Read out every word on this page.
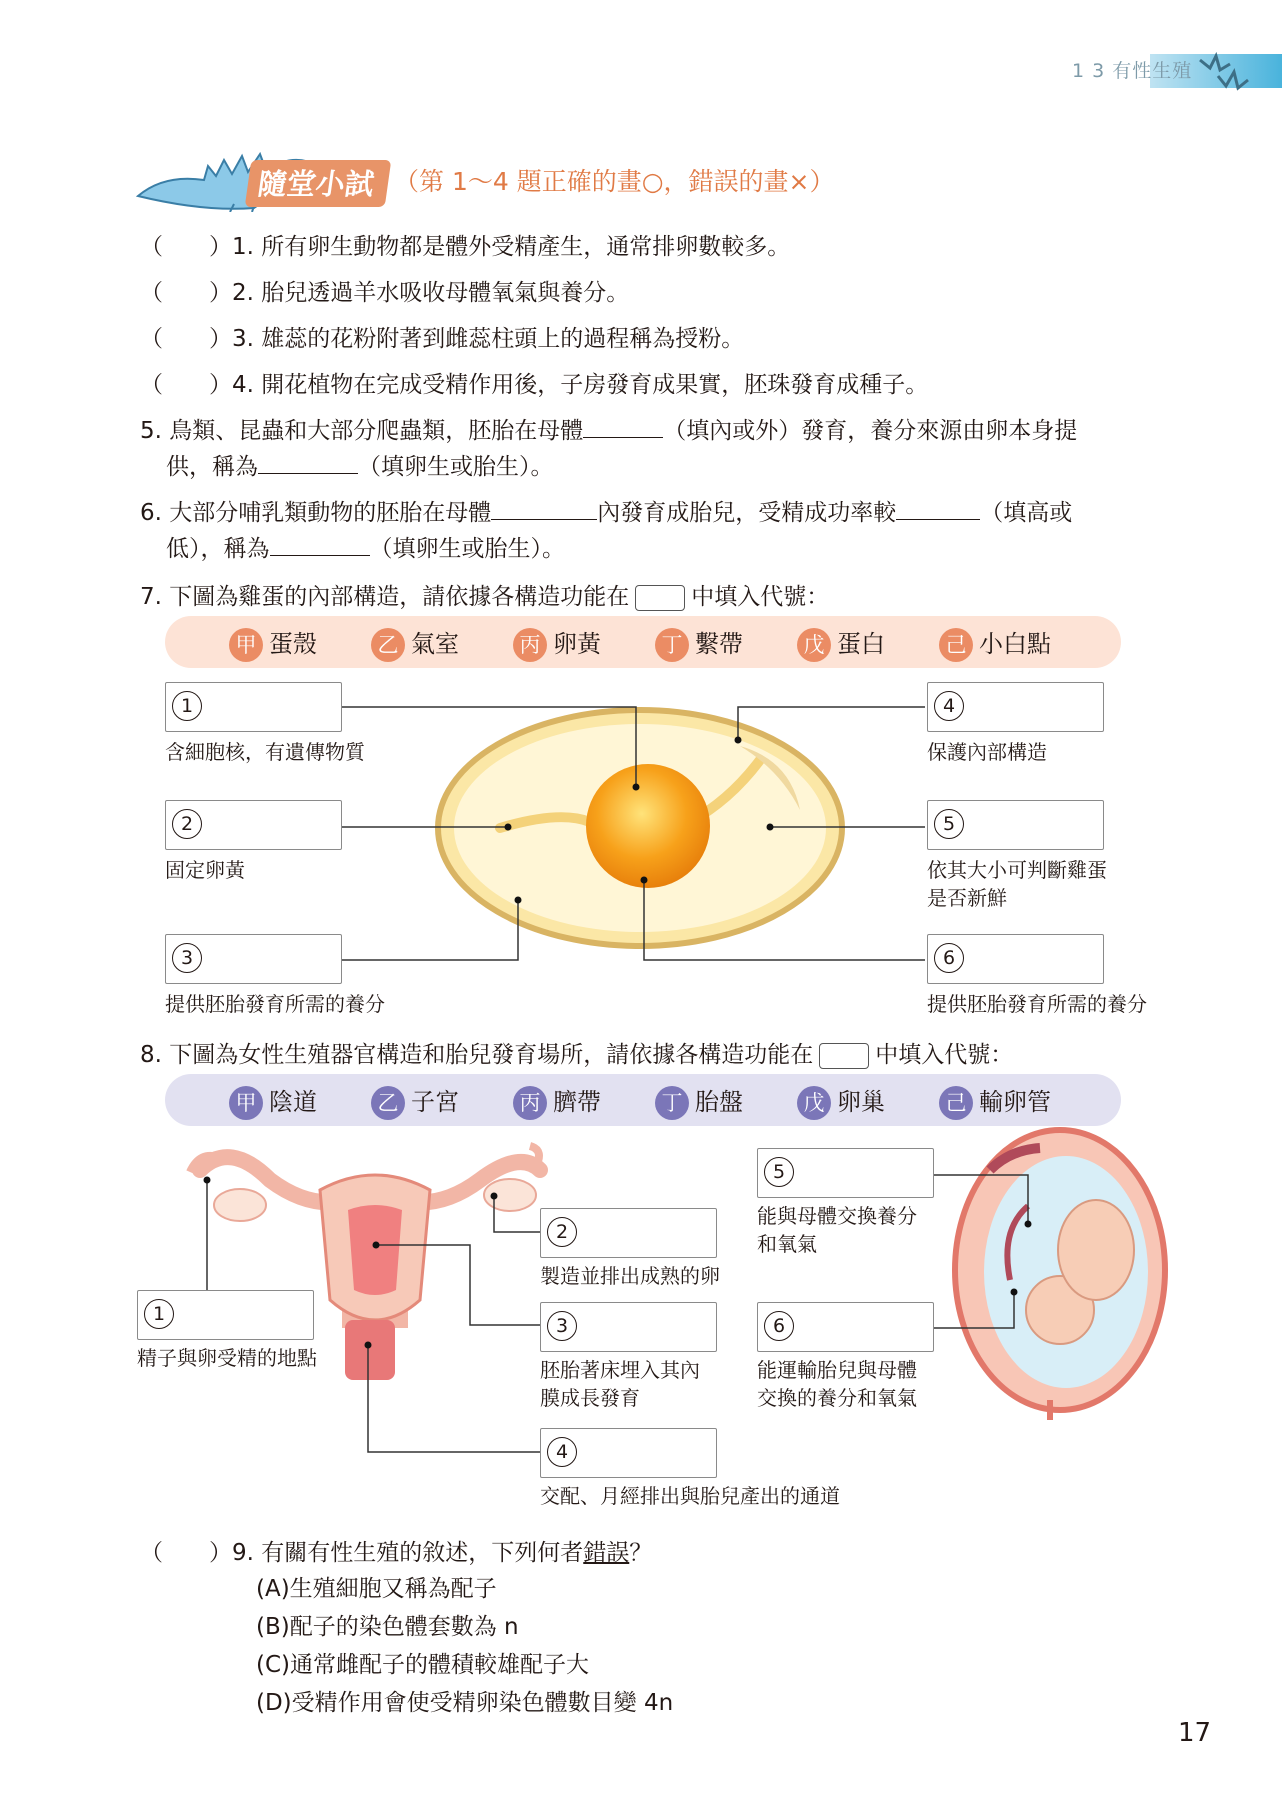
1 3 有性生殖
隨堂小試 （第 1～4 題正確的畫○，錯誤的畫×）
（　　）1. 所有卵生動物都是體外受精產生，通常排卵數較多。
（　　）2. 胎兒透過羊水吸收母體氧氣與養分。
（　　）3. 雄蕊的花粉附著到雌蕊柱頭上的過程稱為授粉。
（　　）4. 開花植物在完成受精作用後，子房發育成果實，胚珠發育成種子。
5. 鳥類、昆蟲和大部分爬蟲類，胚胎在母體	（填內或外）發育，養分來源由卵本身提
供，稱為	（填卵生或胎生）。
6. 大部分哺乳類動物的胚胎在母體	內發育成胎兒，受精成功率較	（填高或
低），稱為	（填卵生或胎生）。
7. 下圖為雞蛋的內部構造，請依據各構造功能在	中填入代號：
甲 蛋殼	乙 氣室	丙 卵黃	丁 繫帶	戊 蛋白	己 小白點
1
含細胞核，有遺傳物質
2
固定卵黃
3
提供胚胎發育所需的養分
4
保護內部構造
5
依其大小可判斷雞蛋
是否新鮮
6
提供胚胎發育所需的養分
8. 下圖為女性生殖器官構造和胎兒發育場所，請依據各構造功能在	中填入代號：
甲 陰道	乙 子宮	丙 臍帶	丁 胎盤	戊 卵巢	己 輸卵管
1
精子與卵受精的地點
2
製造並排出成熟的卵
3
胚胎著床埋入其內
膜成長發育
4
交配、月經排出與胎兒產出的通道
5
能與母體交換養分
和氧氣
6
能運輸胎兒與母體
交換的養分和氧氣
（　　）9. 有關有性生殖的敘述，下列何者錯誤？
(A)生殖細胞又稱為配子
(B)配子的染色體套數為 n
(C)通常雌配子的體積較雄配子大
(D)受精作用會使受精卵染色體數目變 4n
17
